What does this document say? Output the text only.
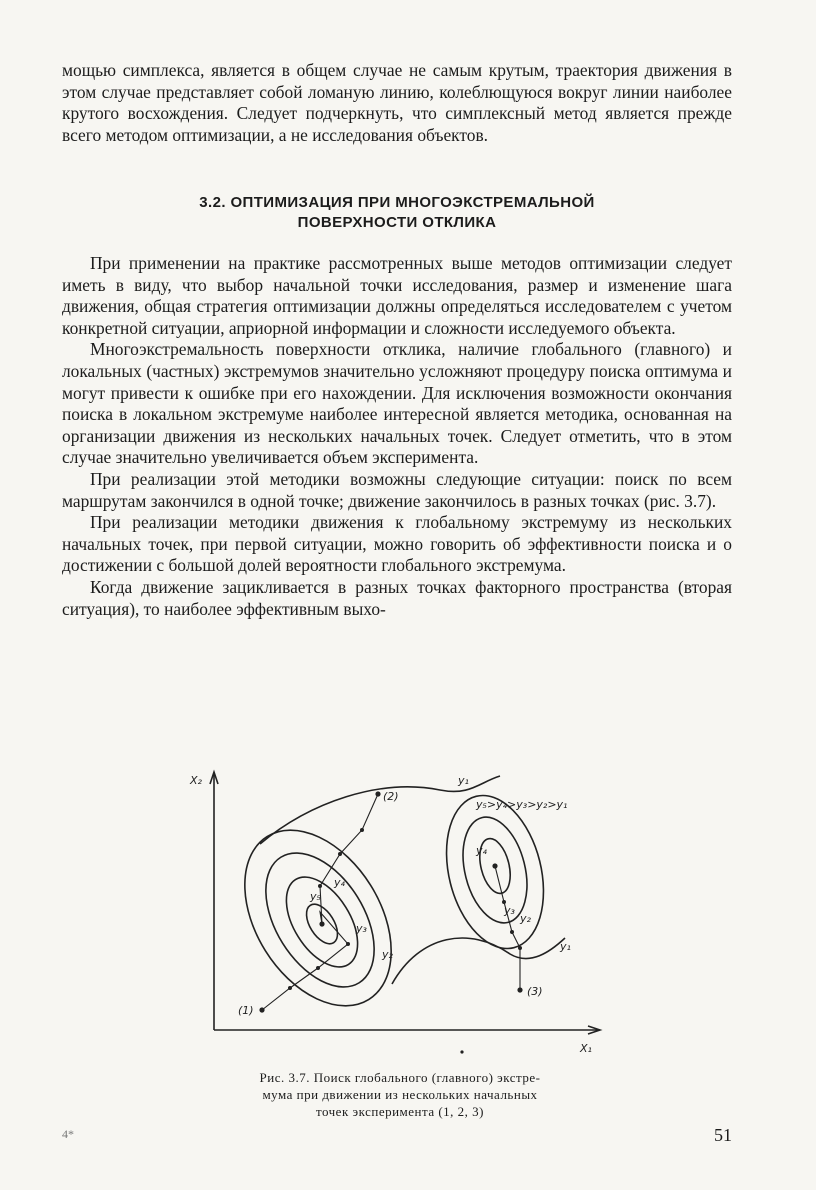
мощью симплекса, является в общем случае не самым крутым, траектория движения в этом случае представляет собой ломаную линию, колеблющуюся вокруг линии наиболее крутого восхождения. Следует подчеркнуть, что симплексный метод является прежде всего методом оптимизации, а не исследования объектов.

3.2. ОПТИМИЗАЦИЯ ПРИ МНОГОЭКСТРЕМАЛЬНОЙ
ПОВЕРХНОСТИ ОТКЛИКА

При применении на практике рассмотренных выше методов оптимизации следует иметь в виду, что выбор начальной точки исследования, размер и изменение шага движения, общая стратегия оптимизации должны определяться исследователем с учетом конкретной ситуации, априорной информации и сложности исследуемого объекта.

Многоэкстремальность поверхности отклика, наличие глобального (главного) и локальных (частных) экстремумов значительно усложняют процедуру поиска оптимума и могут привести к ошибке при его нахождении. Для исключения возможности окончания поиска в локальном экстремуме наиболее интересной является методика, основанная на организации движения из нескольких начальных точек. Следует отметить, что в этом случае значительно увеличивается объем эксперимента.

При реализации этой методики возможны следующие ситуации: поиск по всем маршрутам закончился в одной точке; движение закончилось в разных точках (рис. 3.7).

При реализации методики движения к глобальному экстремуму из нескольких начальных точек, при первой ситуации, можно говорить об эффективности поиска и о достижении с большой долей вероятности глобального экстремума.

Когда движение зацикливается в разных точках факторного пространства (вторая ситуация), то наиболее эффективным выхо-

X₂
X₁
(1)
(2)
(3)
y₁
y₅>y₄>y₃>y₂>y₁
y₁
y₂
y₃
y₄
y₅
y₂
y₃
y₄
Рис. 3.7. Поиск глобального (главного) экстре-
мума при движении из нескольких начальных
точек эксперимента (1, 2, 3)
4*	51
